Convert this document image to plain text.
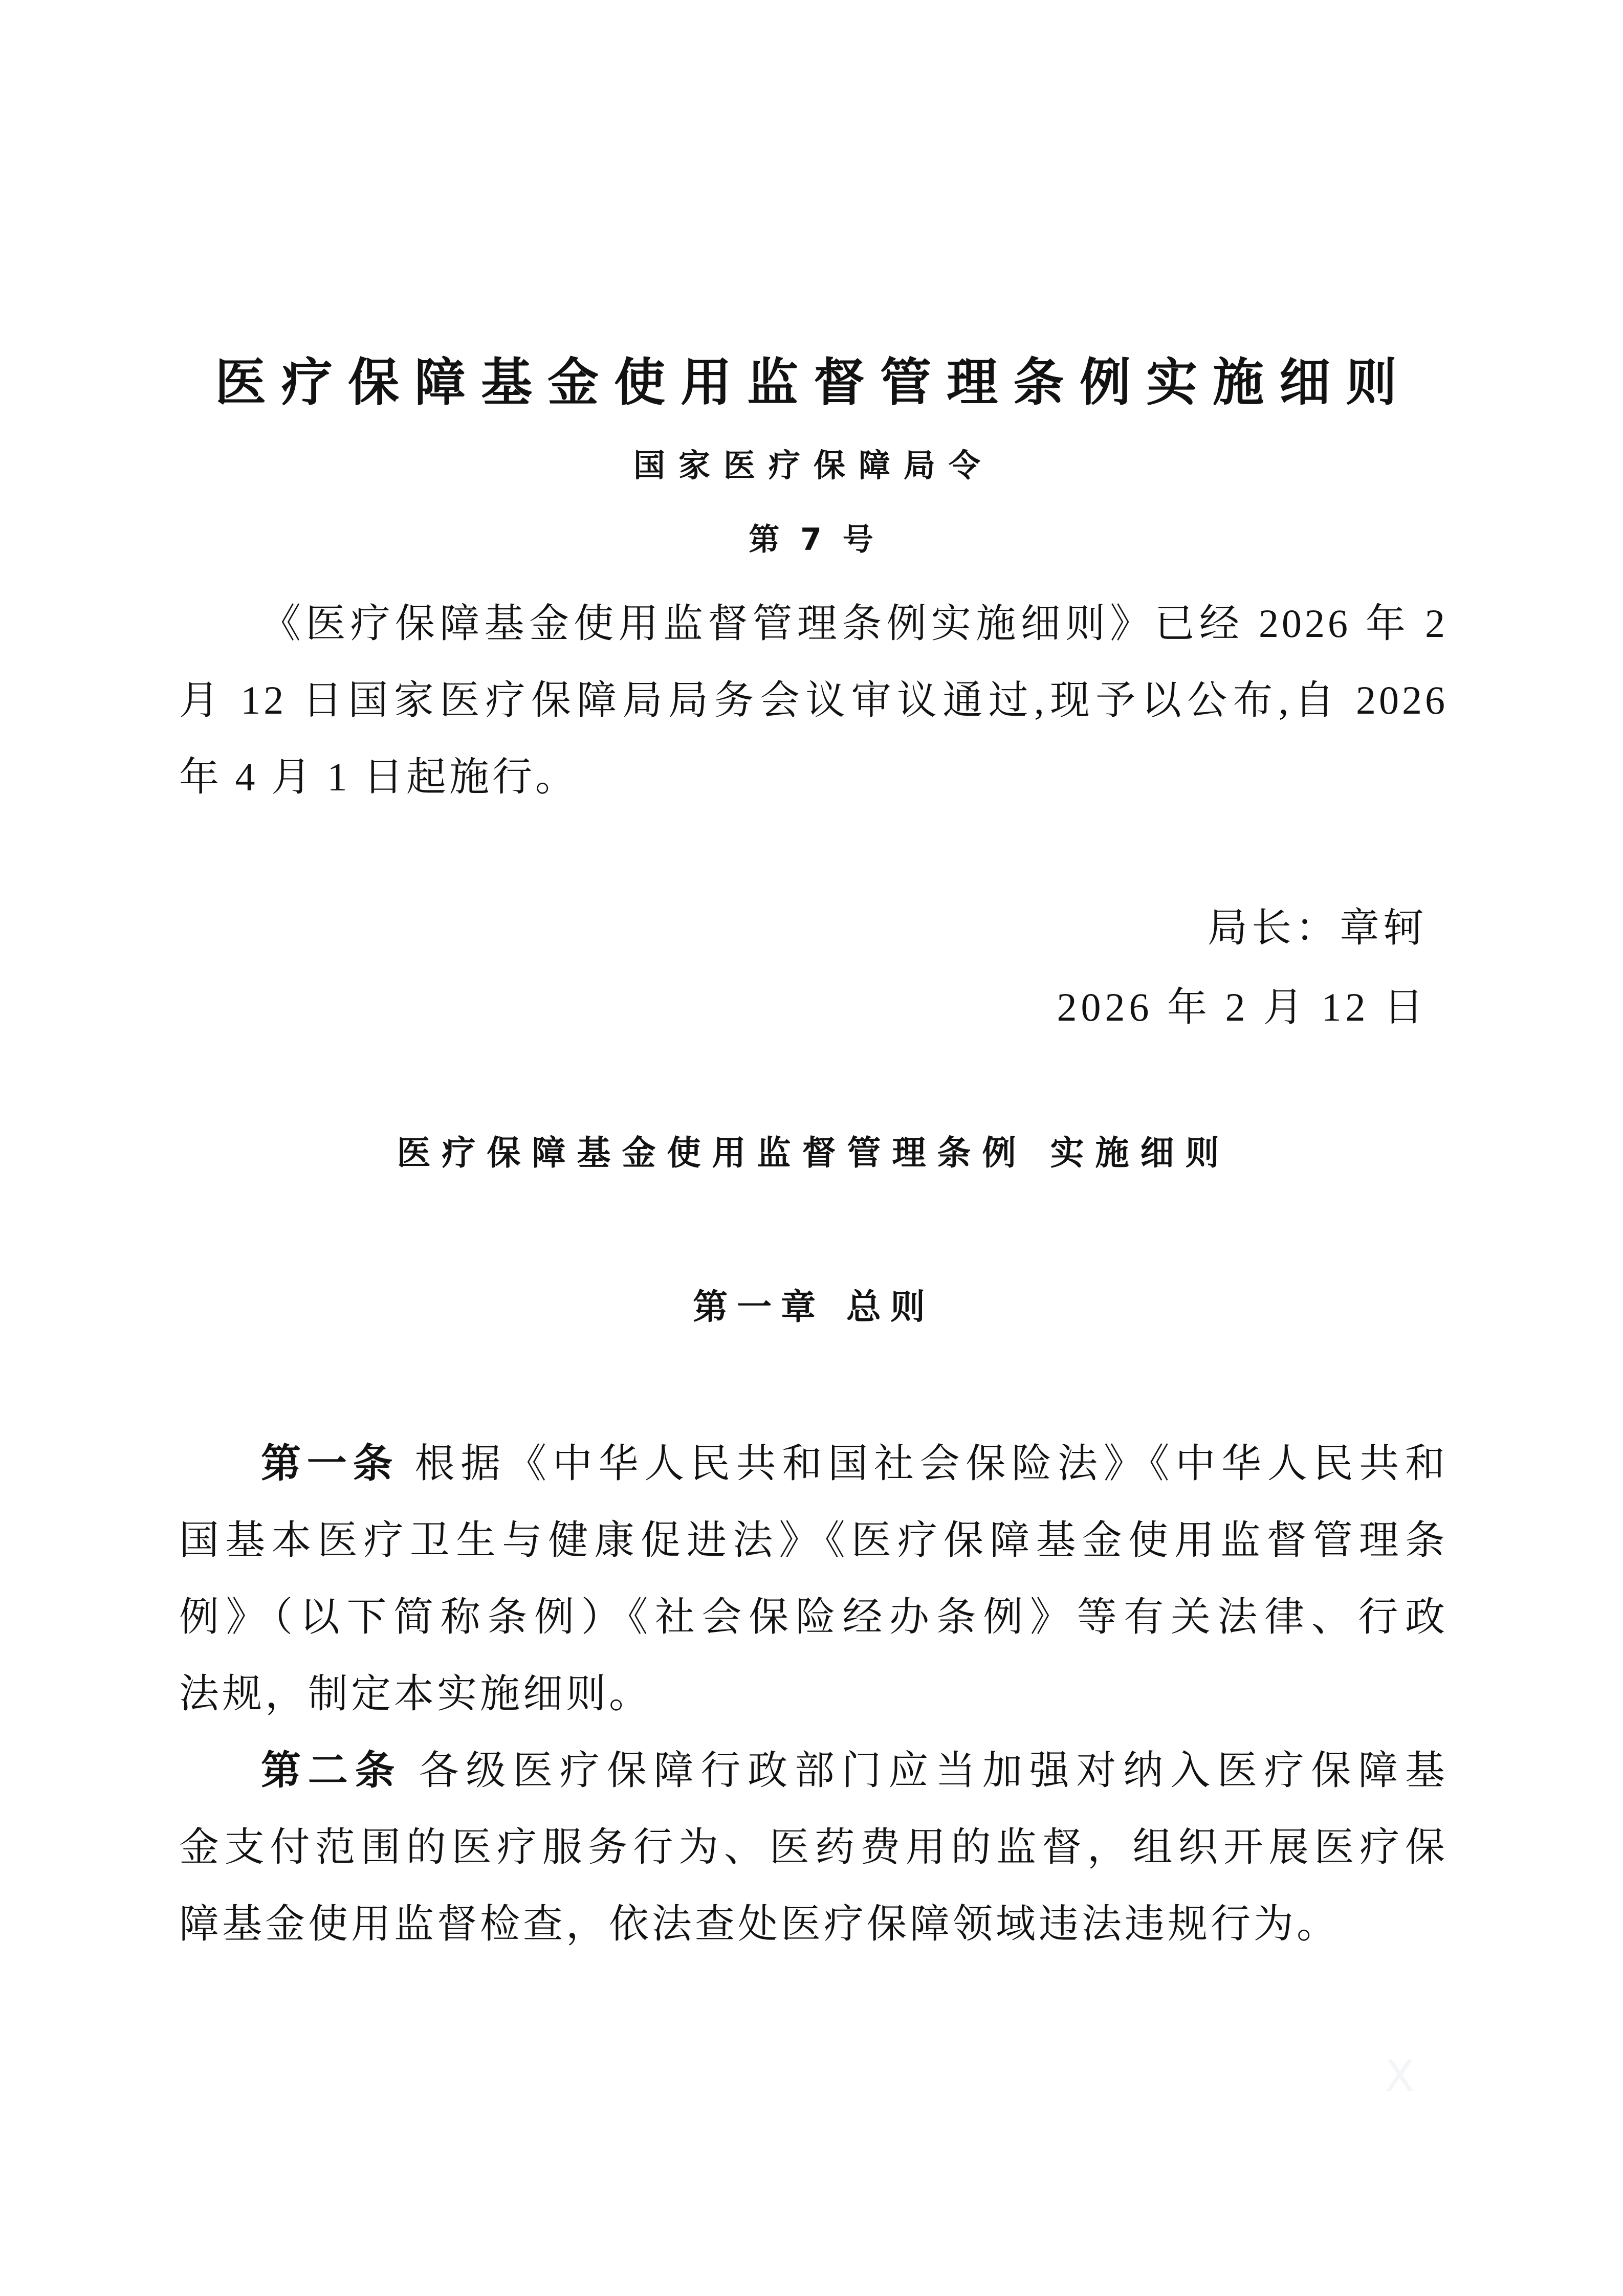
医疗保障基金使用监督管理条例实施细则
国家医疗保障局令
第 7 号
《医疗保障基金使用监督管理条例实施细则》已经 2026 年 2
月 12 日国家医疗保障局局务会议审议通过,现予以公布,自 2026
年 4 月 1 日起施行。
局长：章轲
2026 年 2 月 12 日
医疗保障基金使用监督管理条例 实施细则
第一章 总则
第一条 根据《中华人民共和国社会保险法》《中华人民共和
国基本医疗卫生与健康促进法》《医疗保障基金使用监督管理条
例》（以下简称条例）《社会保险经办条例》等有关法律、行政
法规，制定本实施细则。
第二条 各级医疗保障行政部门应当加强对纳入医疗保障基
金支付范围的医疗服务行为、医药费用的监督，组织开展医疗保
障基金使用监督检查，依法查处医疗保障领域违法违规行为。
X
